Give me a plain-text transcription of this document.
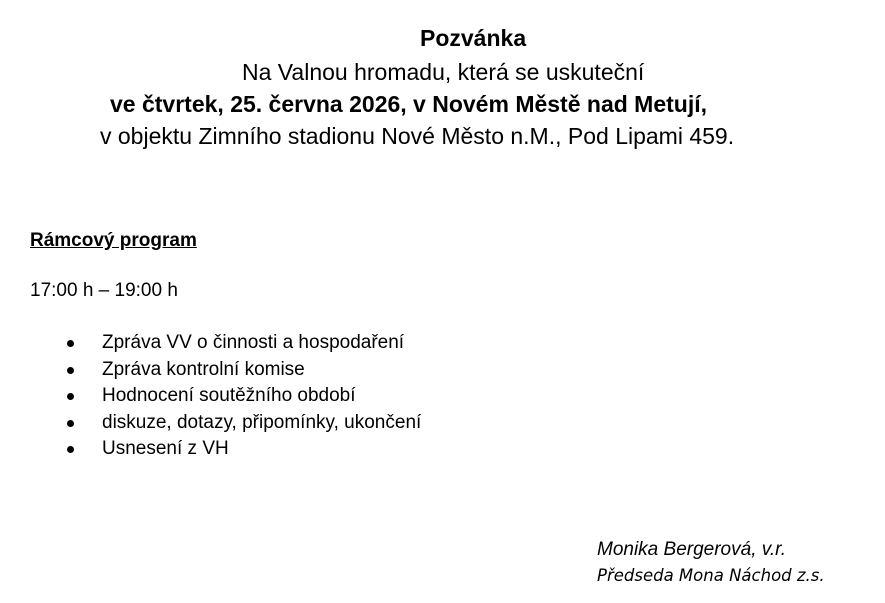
Pozvánka
Na Valnou hromadu, která se uskuteční
ve čtvrtek, 25. června 2026, v Novém Městě nad Metují,
v objektu Zimního stadionu Nové Město n.M., Pod Lipami 459.
Rámcový program
17:00 h – 19:00 h
Zpráva VV o činnosti a hospodaření
Zpráva kontrolní komise
Hodnocení soutěžního období
diskuze, dotazy, připomínky, ukončení
Usnesení z VH
Monika Bergerová, v.r.
Předseda Mona Náchod z.s.
